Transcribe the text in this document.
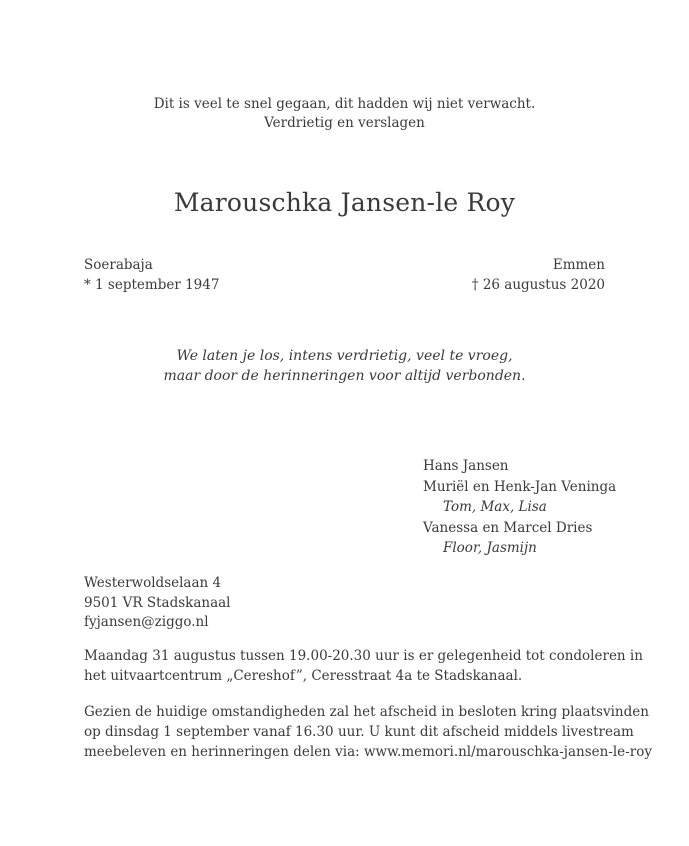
Dit is veel te snel gegaan, dit hadden wij niet verwacht.
Verdrietig en verslagen
Marouschka Jansen-le Roy
Soerabaja
* 1 september 1947
Emmen
† 26 augustus 2020
We laten je los, intens verdrietig, veel te vroeg,
maar door de herinneringen voor altijd verbonden.
Hans Jansen
Muriël en Henk-Jan Veninga
Tom, Max, Lisa
Vanessa en Marcel Dries
Floor, Jasmijn
Westerwoldselaan 4
9501 VR Stadskanaal
fyjansen@ziggo.nl
Maandag 31 augustus tussen 19.00-20.30 uur is er gelegenheid tot condoleren in
het uitvaartcentrum „Cereshof”, Ceresstraat 4a te Stadskanaal.
Gezien de huidige omstandigheden zal het afscheid in besloten kring plaatsvinden
op dinsdag 1 september vanaf 16.30 uur. U kunt dit afscheid middels livestream
meebeleven en herinneringen delen via: www.memori.nl/marouschka-jansen-le-roy
